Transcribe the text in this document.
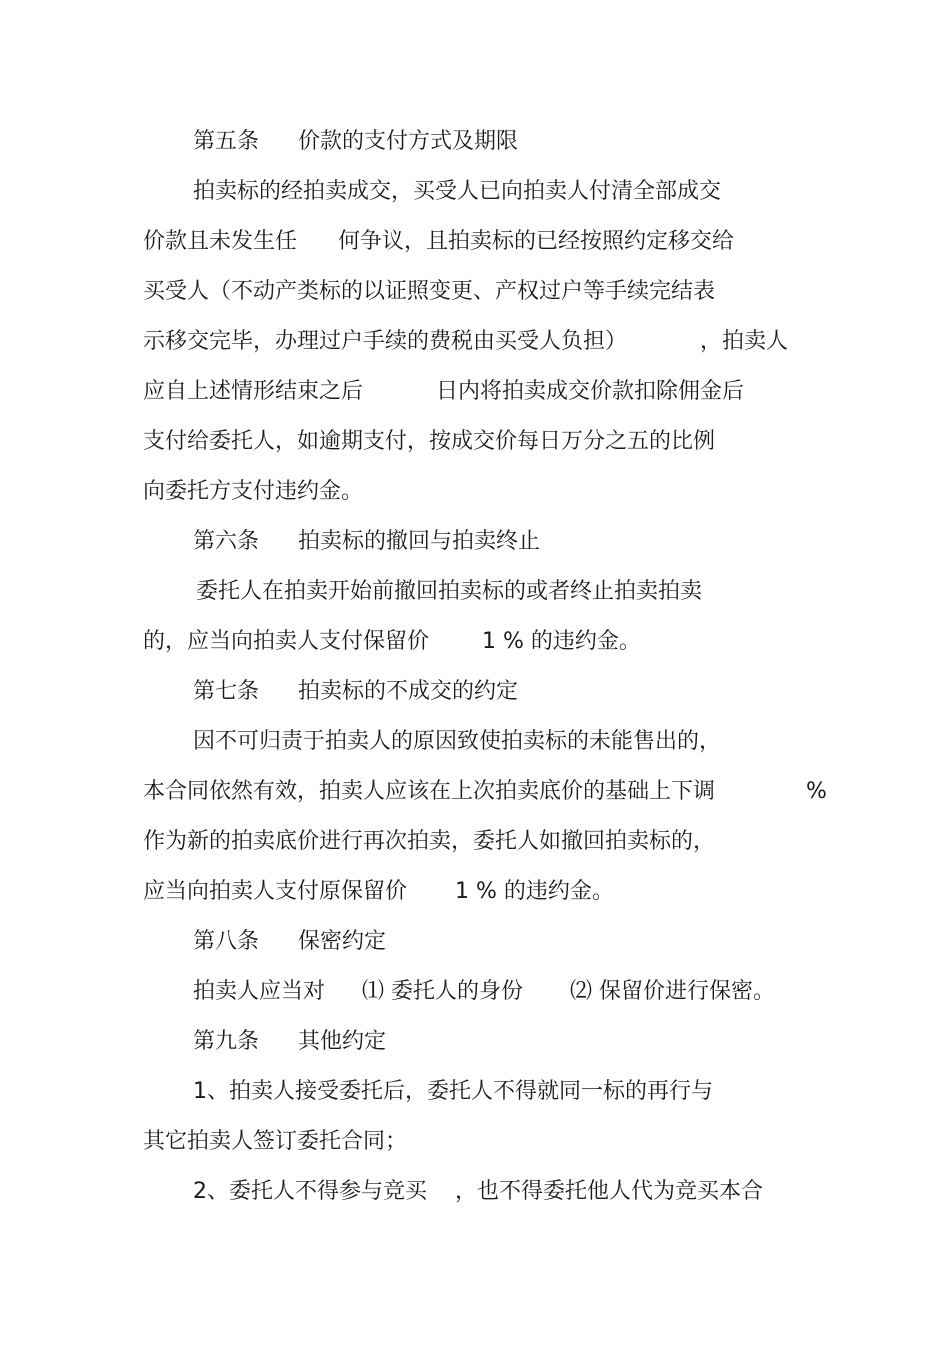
第五条

价款的支付方式及期限

拍卖标的经拍卖成交，买受人已向拍卖人付清全部成交

价款且未发生任

何争议，且拍卖标的已经按照约定移交给

买受人（不动产类标的以证照变更、产权过户等手续完结表

示移交完毕，办理过户手续的费税由买受人负担）

	，拍卖人

应自上述情形结束之后

	日内将拍卖成交价款扣除佣金后

支付给委托人，如逾期支付，按成交价每日万分之五的比例

向委托方支付违约金。

第六条

拍卖标的撤回与拍卖终止

委托人在拍卖开始前撤回拍卖标的或者终止拍卖拍卖

的，应当向拍卖人支付保留价

1 % 的违约金。

第七条

拍卖标的不成交的约定

因不可归责于拍卖人的原因致使拍卖标的未能售出的，

本合同依然有效，拍卖人应该在上次拍卖底价的基础上下调

	%

作为新的拍卖底价进行再次拍卖，委托人如撤回拍卖标的，

应当向拍卖人支付原保留价

1 % 的违约金。

第八条

保密约定

拍卖人应当对

⑴ 委托人的身份

⑵ 保留价进行保密。

第九条

其他约定

1、拍卖人接受委托后，委托人不得就同一标的再行与

其它拍卖人签订委托合同；

2、委托人不得参与竞买

，也不得委托他人代为竞买本合
